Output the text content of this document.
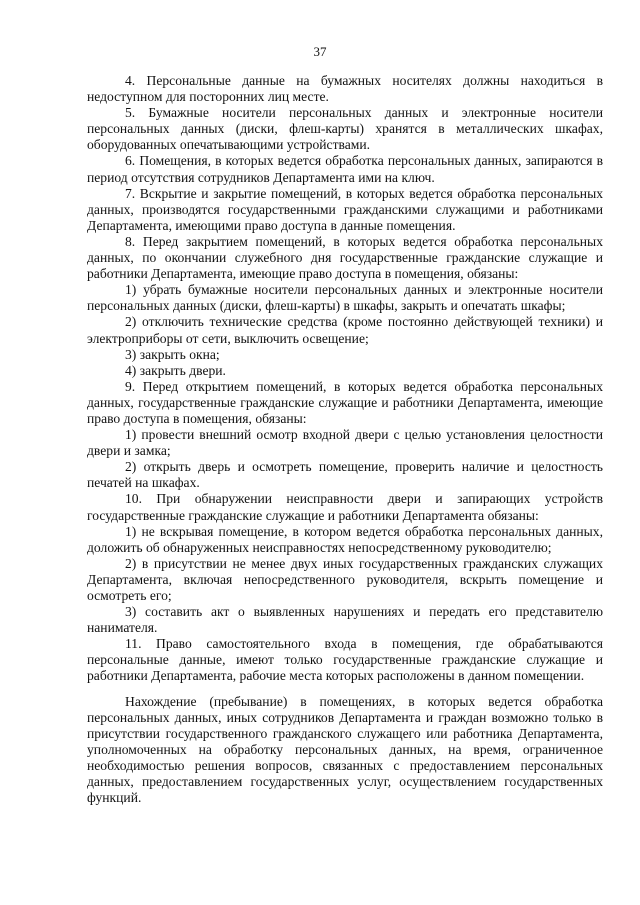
37

4. Персональные данные на бумажных носителях должны находиться в недоступном для посторонних лиц месте.

5. Бумажные носители персональных данных и электронные носители персональных данных (диски, флеш-карты) хранятся в металлических шкафах, оборудованных опечатывающими устройствами.

6. Помещения, в которых ведется обработка персональных данных, запираются в период отсутствия сотрудников Департамента ими на ключ.

7. Вскрытие и закрытие помещений, в которых ведется обработка персональных данных, производятся государственными гражданскими служащими и работниками Департамента, имеющими право доступа в данные помещения.

8. Перед закрытием помещений, в которых ведется обработка персональных данных, по окончании служебного дня государственные гражданские служащие и работники Департамента, имеющие право доступа в помещения, обязаны:

1) убрать бумажные носители персональных данных и электронные носители персональных данных (диски, флеш-карты) в шкафы, закрыть и опечатать шкафы;

2) отключить технические средства (кроме постоянно действующей техники) и электроприборы от сети, выключить освещение;

3) закрыть окна;

4) закрыть двери.

9. Перед открытием помещений, в которых ведется обработка персональных данных, государственные гражданские служащие и работники Департамента, имеющие право доступа в помещения, обязаны:

1) провести внешний осмотр входной двери с целью установления целостности двери и замка;

2) открыть дверь и осмотреть помещение, проверить наличие и целостность печатей на шкафах.

10. При обнаружении неисправности двери и запирающих устройств государственные гражданские служащие и работники Департамента обязаны:

1) не вскрывая помещение, в котором ведется обработка персональных данных, доложить об обнаруженных неисправностях непосредственному руководителю;

2) в присутствии не менее двух иных государственных гражданских служащих Департамента, включая непосредственного руководителя, вскрыть помещение и осмотреть его;

3) составить акт о выявленных нарушениях и передать его представителю нанимателя.

11. Право самостоятельного входа в помещения, где обрабатываются персональные данные, имеют только государственные гражданские служащие и работники Департамента, рабочие места которых расположены в данном помещении.

Нахождение (пребывание) в помещениях, в которых ведется обработка персональных данных, иных сотрудников Департамента и граждан возможно только в присутствии государственного гражданского служащего или работника Департамента, уполномоченных на обработку персональных данных, на время, ограниченное необходимостью решения вопросов, связанных с предоставлением персональных данных, предоставлением государственных услуг, осуществлением государственных функций.
